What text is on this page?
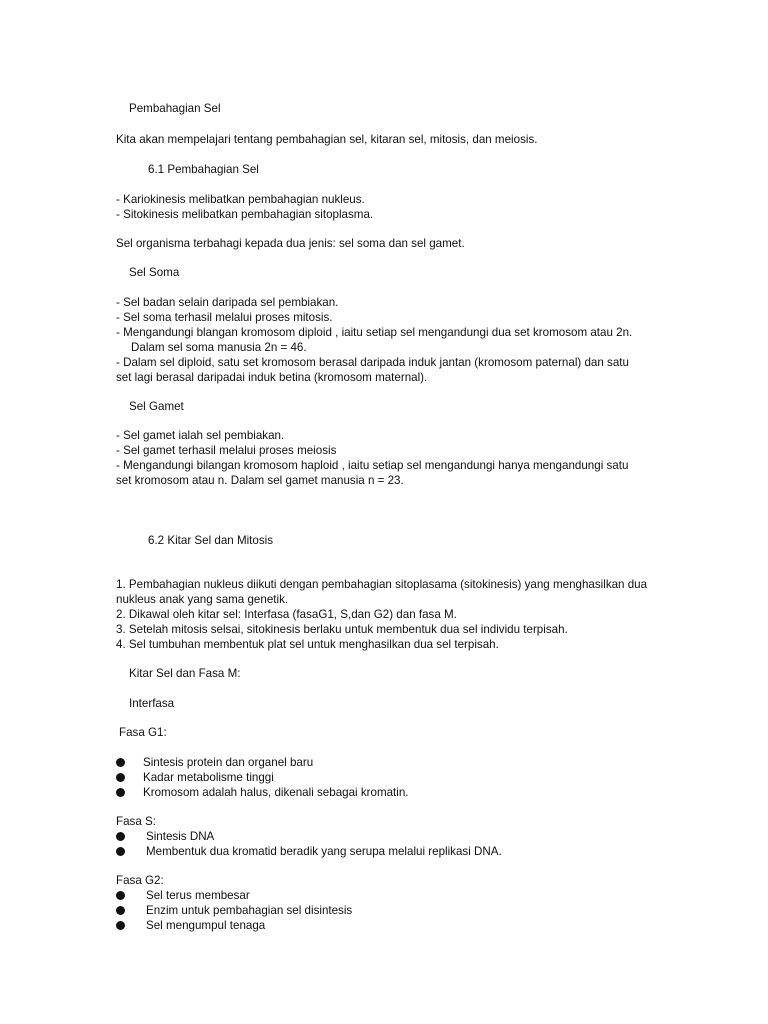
Pembahagian Sel

Kita akan mempelajari tentang pembahagian sel, kitaran sel, mitosis, dan meiosis.

6.1 Pembahagian Sel

- Kariokinesis melibatkan pembahagian nukleus.

- Sitokinesis melibatkan pembahagian sitoplasma.

Sel organisma terbahagi kepada dua jenis: sel soma dan sel gamet.

Sel Soma

- Sel badan selain daripada sel pembiakan.

- Sel soma terhasil melalui proses mitosis.

- Mengandungi blangan kromosom diploid , iaitu setiap sel mengandungi dua set kromosom atau 2n.

Dalam sel soma manusia 2n = 46.

- Dalam sel diploid, satu set kromosom berasal daripada induk jantan (kromosom paternal) dan satu

set lagi berasal daripadai induk betina (kromosom maternal).

Sel Gamet

- Sel gamet ialah sel pembiakan.

- Sel gamet terhasil melalui proses meiosis

- Mengandungi bilangan kromosom haploid , iaitu setiap sel mengandungi hanya mengandungi satu

set kromosom atau n. Dalam sel gamet manusia n = 23.

6.2 Kitar Sel dan Mitosis

1. Pembahagian nukleus diikuti dengan pembahagian sitoplasama (sitokinesis) yang menghasilkan dua

nukleus anak yang sama genetik.

2. Dikawal oleh kitar sel: Interfasa (fasaG1, S,dan G2) dan fasa M.

3. Setelah mitosis selsai, sitokinesis berlaku untuk membentuk dua sel individu terpisah.

4. Sel tumbuhan membentuk plat sel untuk menghasilkan dua sel terpisah.

Kitar Sel dan Fasa M:

Interfasa

Fasa G1:

Sintesis protein dan organel baru
Kadar metabolisme tinggi
Kromosom adalah halus, dikenali sebagai kromatin.

Fasa S:

Sintesis DNA
Membentuk dua kromatid beradik yang serupa melalui replikasi DNA.

Fasa G2:

Sel terus membesar
Enzim untuk pembahagian sel disintesis
Sel mengumpul tenaga
